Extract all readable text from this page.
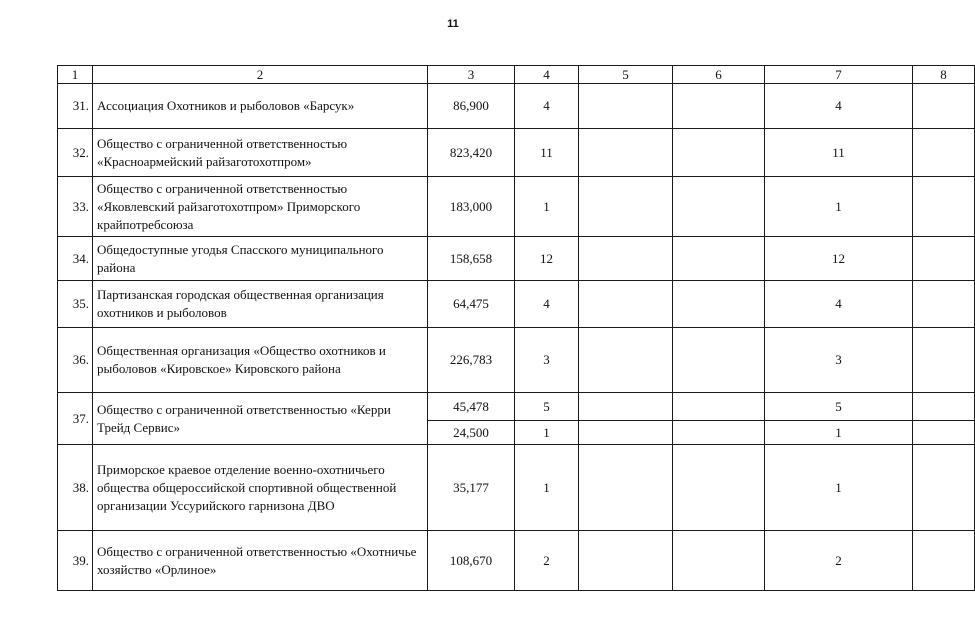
11
1	2	3	4	5	6	7	8
31.	Ассоциация Охотников и рыболовов «Барсук»	86,900	4			4	
32.	Общество с ограниченной ответственностью «Красноармейский райзаготохотпром»	823,420	11			11	
33.	Общество с ограниченной ответственностью «Яковлевский райзаготохотпром» Приморского крайпотребсоюза	183,000	1			1	
34.	Общедоступные угодья Спасского муниципального района	158,658	12			12	
35.	Партизанская городская общественная организация охотников и рыболовов	64,475	4			4	
36.	Общественная организация «Общество охотников и рыболовов «Кировское» Кировского района	226,783	3			3	
37.	Общество с ограниченной ответственностью «Керри Трейд Сервис»	45,478	5			5	
		24,500	1			1	
38.	Приморское краевое отделение военно-охотничьего общества общероссийской спортивной общественной организации Уссурийского гарнизона ДВО	35,177	1			1	
39.	Общество с ограниченной ответственностью «Охотничье хозяйство «Орлиное»	108,670	2			2	
